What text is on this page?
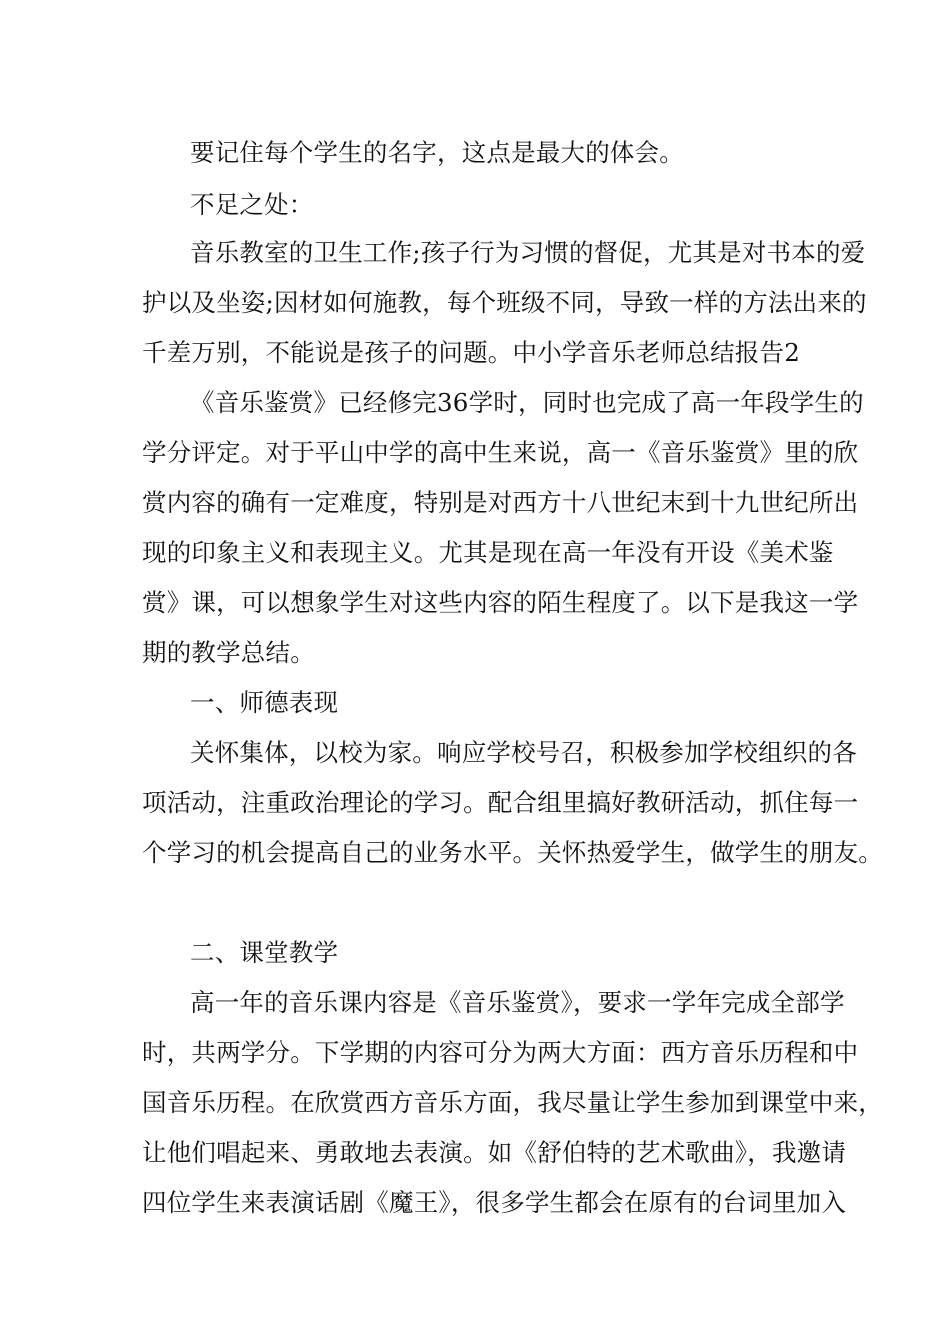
要记住每个学生的名字，这点是最大的体会。
不足之处：
音乐教室的卫生工作;孩子行为习惯的督促，尤其是对书本的爱
护以及坐姿;因材如何施教，每个班级不同，导致一样的方法出来的
千差万别，不能说是孩子的问题。中小学音乐老师总结报告2
《音乐鉴赏》已经修完36学时，同时也完成了高一年段学生的
学分评定。对于平山中学的高中生来说，高一《音乐鉴赏》里的欣
赏内容的确有一定难度，特别是对西方十八世纪末到十九世纪所出
现的印象主义和表现主义。尤其是现在高一年没有开设《美术鉴
赏》课，可以想象学生对这些内容的陌生程度了。以下是我这一学
期的教学总结。
一、师德表现
关怀集体，以校为家。响应学校号召，积极参加学校组织的各
项活动，注重政治理论的学习。配合组里搞好教研活动，抓住每一
个学习的机会提高自己的业务水平。关怀热爱学生，做学生的朋友。
二、课堂教学
高一年的音乐课内容是《音乐鉴赏》，要求一学年完成全部学
时，共两学分。下学期的内容可分为两大方面：西方音乐历程和中
国音乐历程。在欣赏西方音乐方面，我尽量让学生参加到课堂中来，
让他们唱起来、勇敢地去表演。如《舒伯特的艺术歌曲》，我邀请
四位学生来表演话剧《魔王》，很多学生都会在原有的台词里加入
